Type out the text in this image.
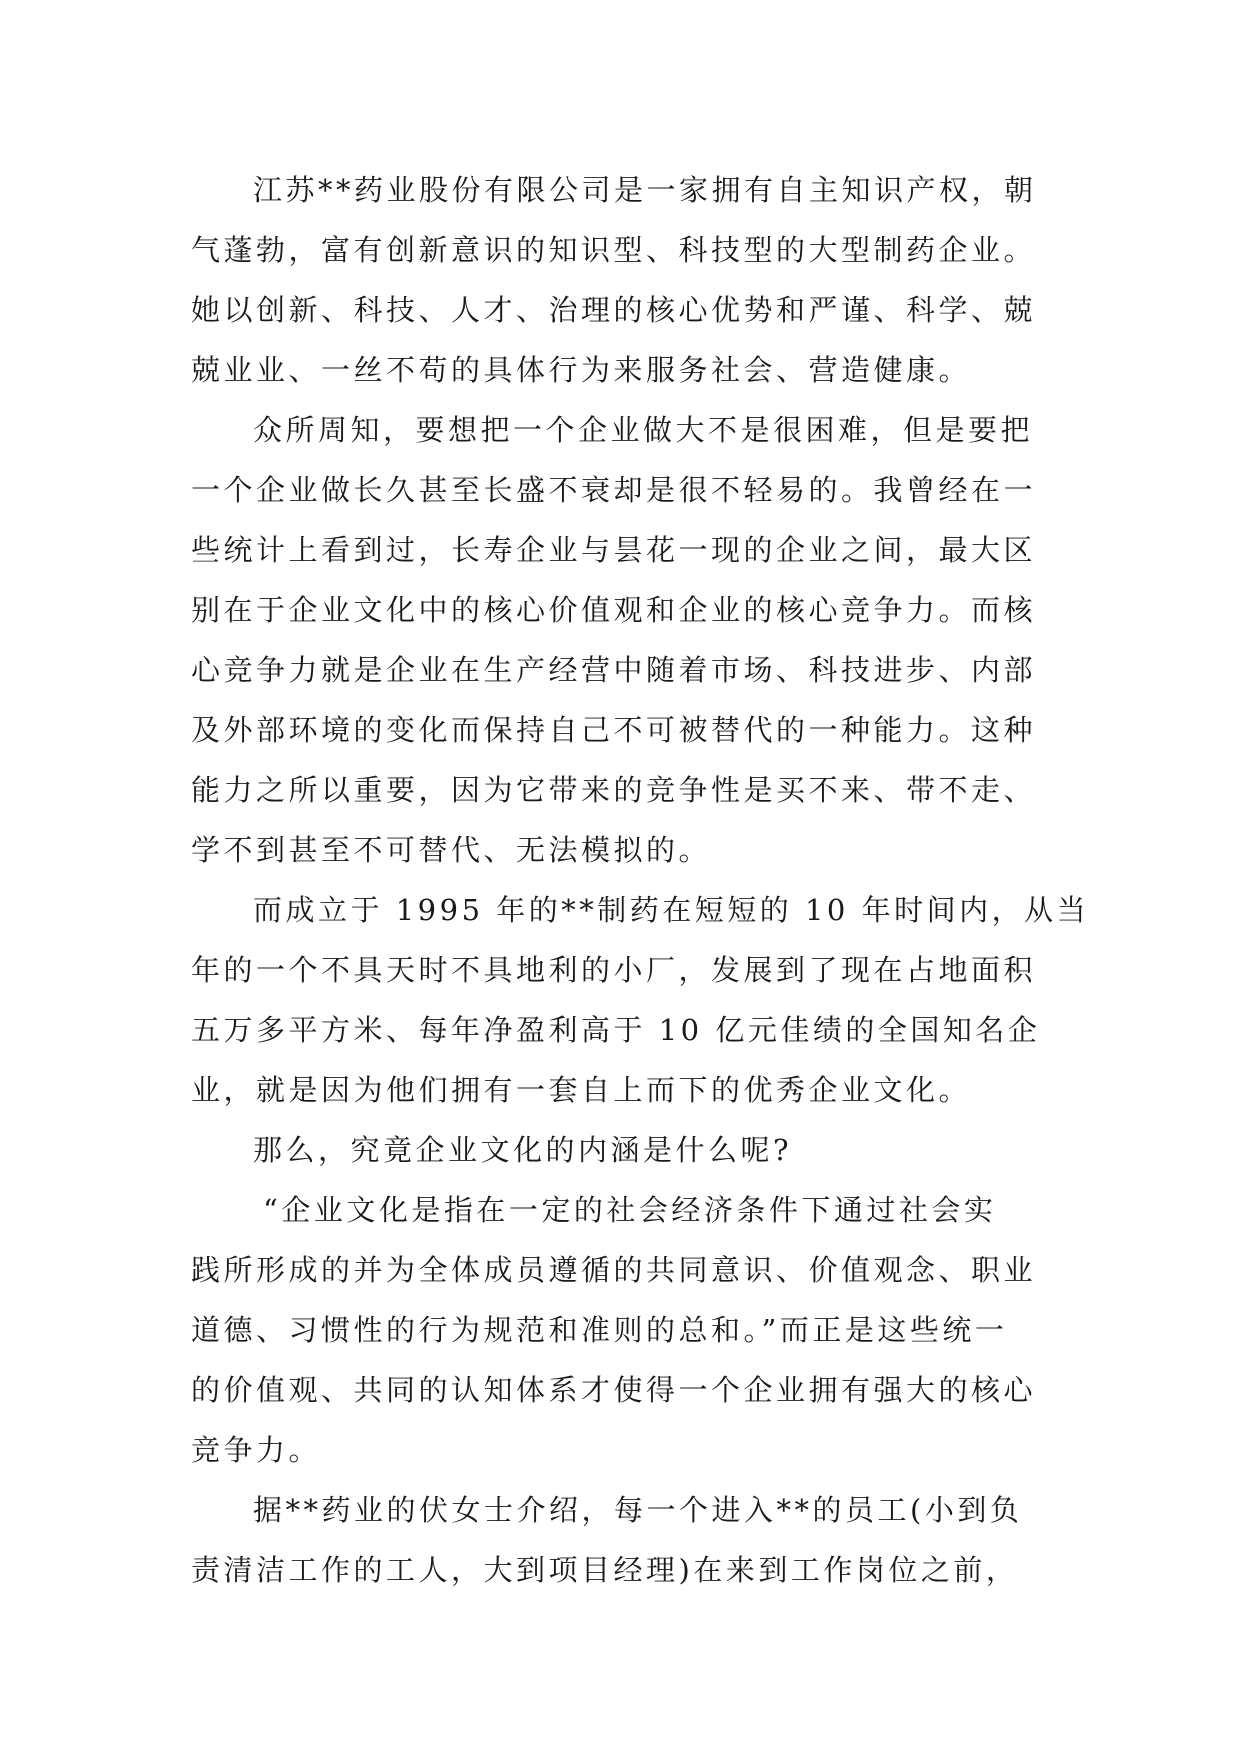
江苏**药业股份有限公司是一家拥有自主知识产权，朝
气蓬勃，富有创新意识的知识型、科技型的大型制药企业。
她以创新、科技、人才、治理的核心优势和严谨、科学、兢
兢业业、一丝不苟的具体行为来服务社会、营造健康。
众所周知，要想把一个企业做大不是很困难，但是要把
一个企业做长久甚至长盛不衰却是很不轻易的。我曾经在一
些统计上看到过，长寿企业与昙花一现的企业之间，最大区
别在于企业文化中的核心价值观和企业的核心竞争力。而核
心竞争力就是企业在生产经营中随着市场、科技进步、内部
及外部环境的变化而保持自己不可被替代的一种能力。这种
能力之所以重要，因为它带来的竞争性是买不来、带不走、
学不到甚至不可替代、无法模拟的。
而成立于 1995 年的**制药在短短的 10 年时间内，从当
年的一个不具天时不具地利的小厂，发展到了现在占地面积
五万多平方米、每年净盈利高于 10 亿元佳绩的全国知名企
业，就是因为他们拥有一套自上而下的优秀企业文化。
那么，究竟企业文化的内涵是什么呢?
“企业文化是指在一定的社会经济条件下通过社会实
践所形成的并为全体成员遵循的共同意识、价值观念、职业
道德、习惯性的行为规范和准则的总和。”而正是这些统一
的价值观、共同的认知体系才使得一个企业拥有强大的核心
竞争力。
据**药业的伏女士介绍，每一个进入**的员工(小到负
责清洁工作的工人，大到项目经理)在来到工作岗位之前，
